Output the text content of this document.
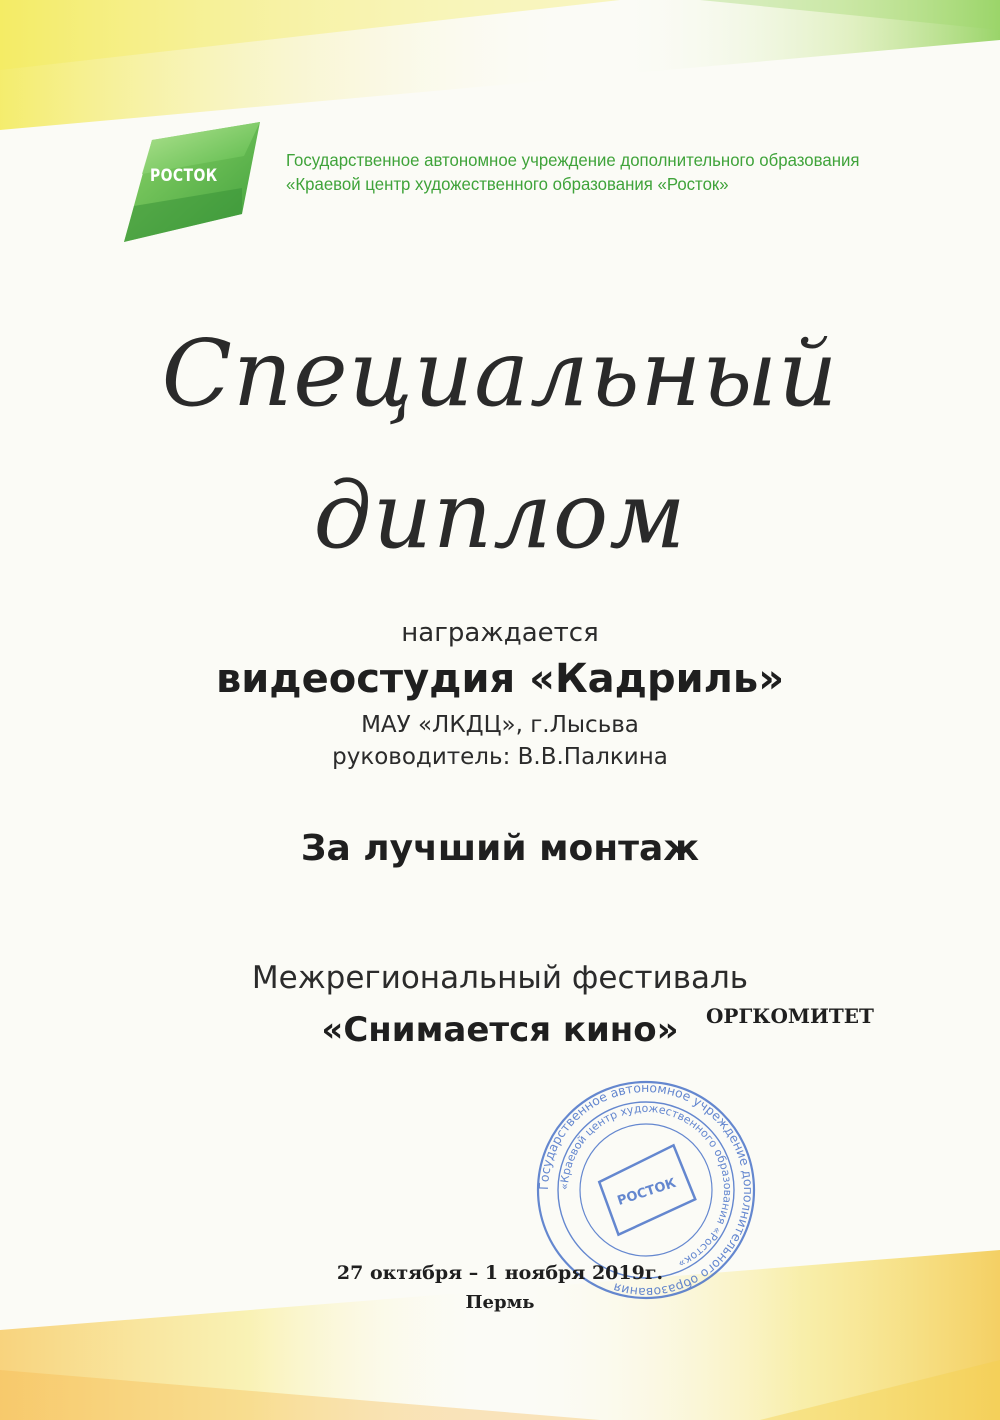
РОСТОК
Государственное автономное учреждение дополнительного образования
«Краевой центр художественного образования «Росток»
Специальный
диплом
награждается
видеостудия «Кадриль»
МАУ «ЛКДЦ», г.Лысьва
руководитель: В.В.Палкина
За лучший монтаж
Межрегиональный фестиваль
«Снимается кино»
Государственное автономное учреждение дополнительного образования
«Краевой центр художественного образования «Росток»
РОСТОК
ОРГКОМИТЕТ
27 октября – 1 ноября 2019г.
Пермь
